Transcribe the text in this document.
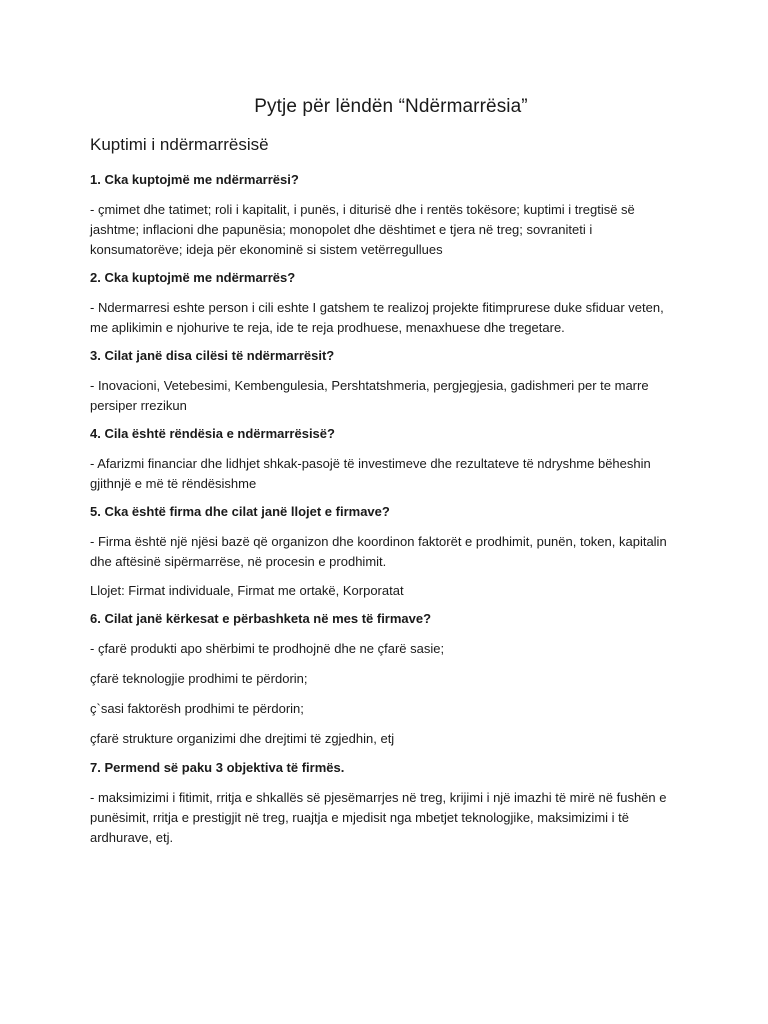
Pytje për lëndën “Ndërmarrësia”
Kuptimi i ndërmarrësisë

1. Cka kuptojmë me ndërmarrësi?

- çmimet dhe tatimet; roli i kapitalit, i punës, i diturisë dhe i rentës tokësore; kuptimi i tregtisë së jashtme; inflacioni dhe papunësia; monopolet dhe dështimet e tjera në treg; sovraniteti i konsumatorëve; ideja për ekonominë si sistem vetërregullues

2. Cka kuptojmë me ndërmarrës?

- Ndermarresi eshte person i cili eshte I gatshem te realizoj projekte fitimprurese duke sfiduar veten, me aplikimin e njohurive te reja, ide te reja prodhuese, menaxhuese dhe tregetare.

3. Cilat janë disa cilësi të ndërmarrësit?

- Inovacioni, Vetebesimi, Kembengulesia, Pershtatshmeria, pergjegjesia, gadishmeri per te marre persiper rrezikun

4. Cila është rëndësia e ndërmarrësisë?

- Afarizmi financiar dhe lidhjet shkak-pasojë të investimeve dhe rezultateve të ndryshme bëheshin gjithnjë e më të rëndësishme

5. Cka është firma dhe cilat janë llojet e firmave?

- Firma është një njësi bazë që organizon dhe koordinon faktorët e prodhimit, punën, token, kapitalin dhe aftësinë sipërmarrëse, në procesin e prodhimit.

Llojet: Firmat individuale, Firmat me ortakë, Korporatat

6. Cilat janë kërkesat e përbashketa në mes të firmave?

- çfarë produkti apo shërbimi te prodhojnë dhe ne çfarë sasie;

çfarë teknologjie prodhimi te përdorin;

ç`sasi faktorësh prodhimi te përdorin;

çfarë strukture organizimi dhe drejtimi të zgjedhin, etj

7. Permend së paku 3 objektiva të firmës.

- maksimizimi i fitimit, rritja e shkallës së pjesëmarrjes në treg, krijimi i një imazhi të mirë në fushën e punësimit, rritja e prestigjit në treg, ruajtja e mjedisit nga mbetjet teknologjike, maksimizimi i të ardhurave, etj.
